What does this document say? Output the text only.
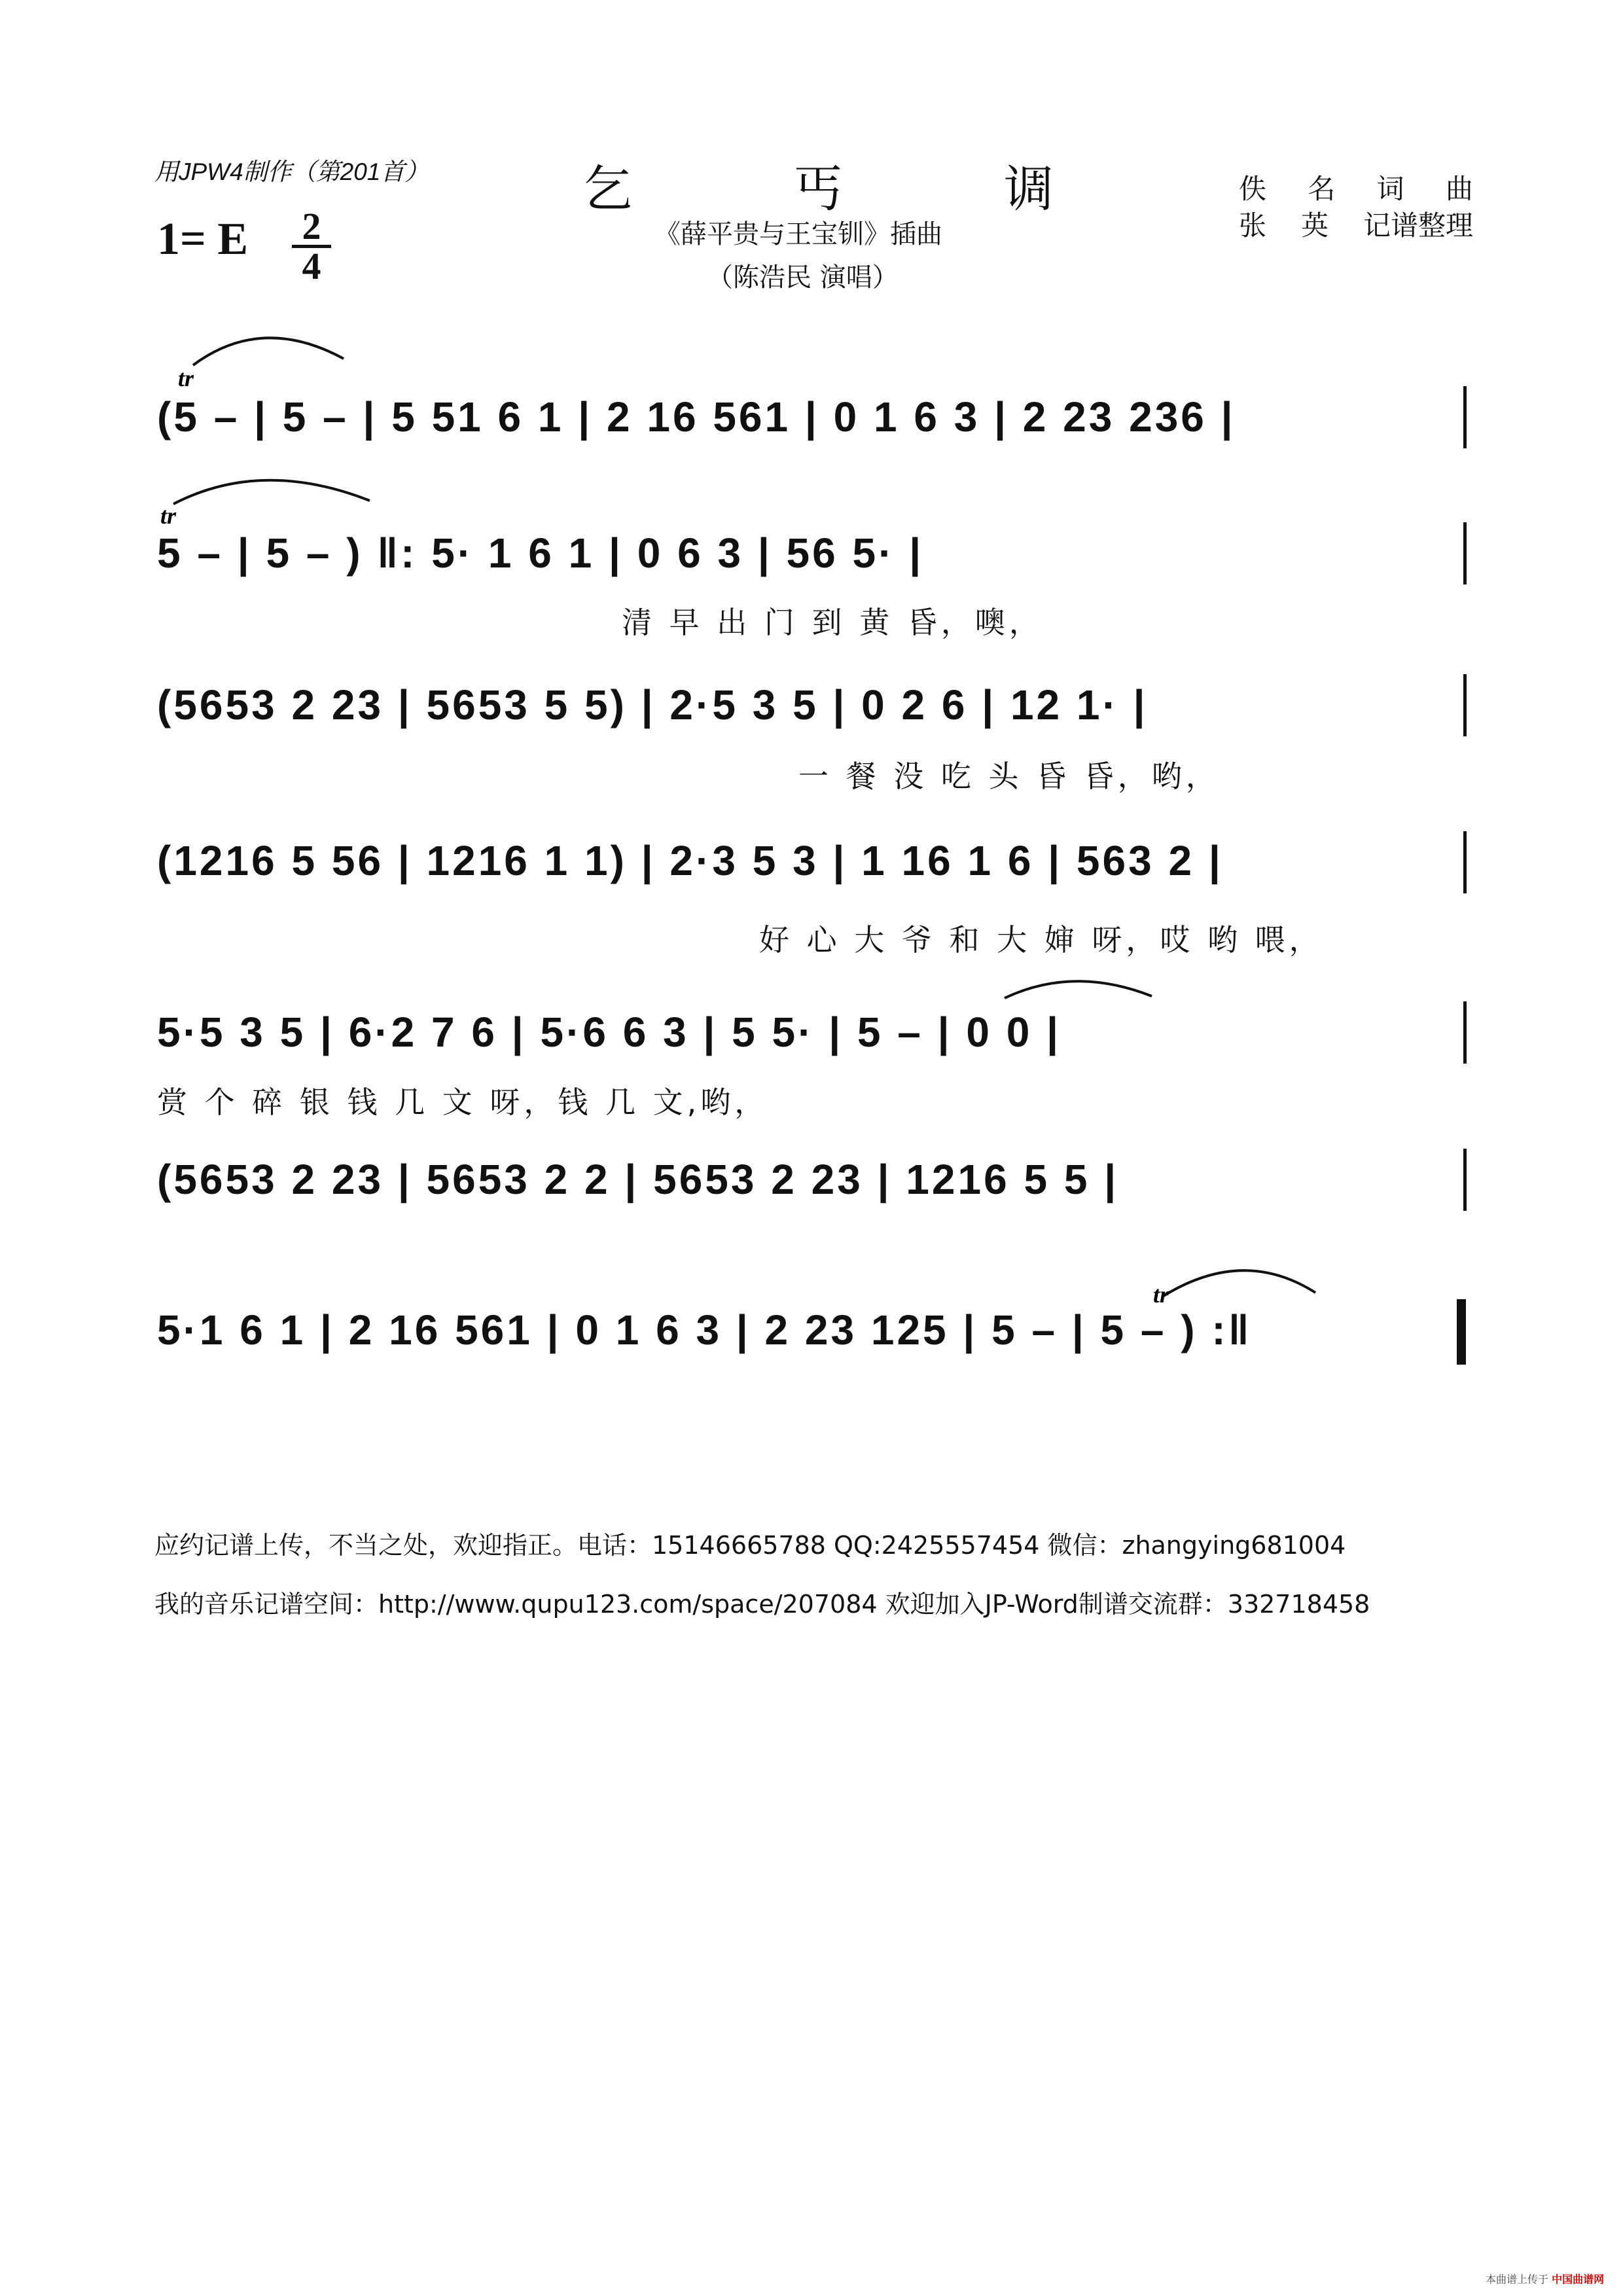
用JPW4制作（第201首）
1= E $\frac{2}{4}$
乞	丐	调
《薛平贵与王宝钏》插曲
（陈浩民 演唱）
佚 名 词 曲
张 英 记谱整理
tr
tr
tr
(5 – | 5 – | 5 51 6 1 | 2 16 561 | 0 1 6 3 | 2 23 236 |
5 – | 5 – ) ‖: 5· 1 6 1 | 0 6 3 | 56 5· |
清 早 出 门 到 黄 昏，噢，
(5653 2 23 | 5653 5 5) | 2·5 3 5 | 0 2 6 | 12 1· |
一 餐 没 吃 头 昏 昏，哟，
(1216 5 56 | 1216 1 1) | 2·3 5 3 | 1 16 1 6 | 563 2 |
好 心 大 爷 和 大 婶 呀，哎 哟 喂，
5·5 3 5 | 6·2 7 6 | 5·6 6 3 | 5 5· | 5 – | 0 0 |
赏 个 碎 银 钱 几 文 呀，钱 几 文,哟，
(5653 2 23 | 5653 2 2 | 5653 2 23 | 1216 5 5 |
5·1 6 1 | 2 16 561 | 0 1 6 3 | 2 23 125 | 5 – | 5 – ) :‖
应约记谱上传，不当之处，欢迎指正。电话：15146665788 QQ:2425557454 微信：zhangying681004
我的音乐记谱空间：http://www.qupu123.com/space/207084 欢迎加入JP-Word制谱交流群：332718458
本曲谱上传于 中国曲谱网
